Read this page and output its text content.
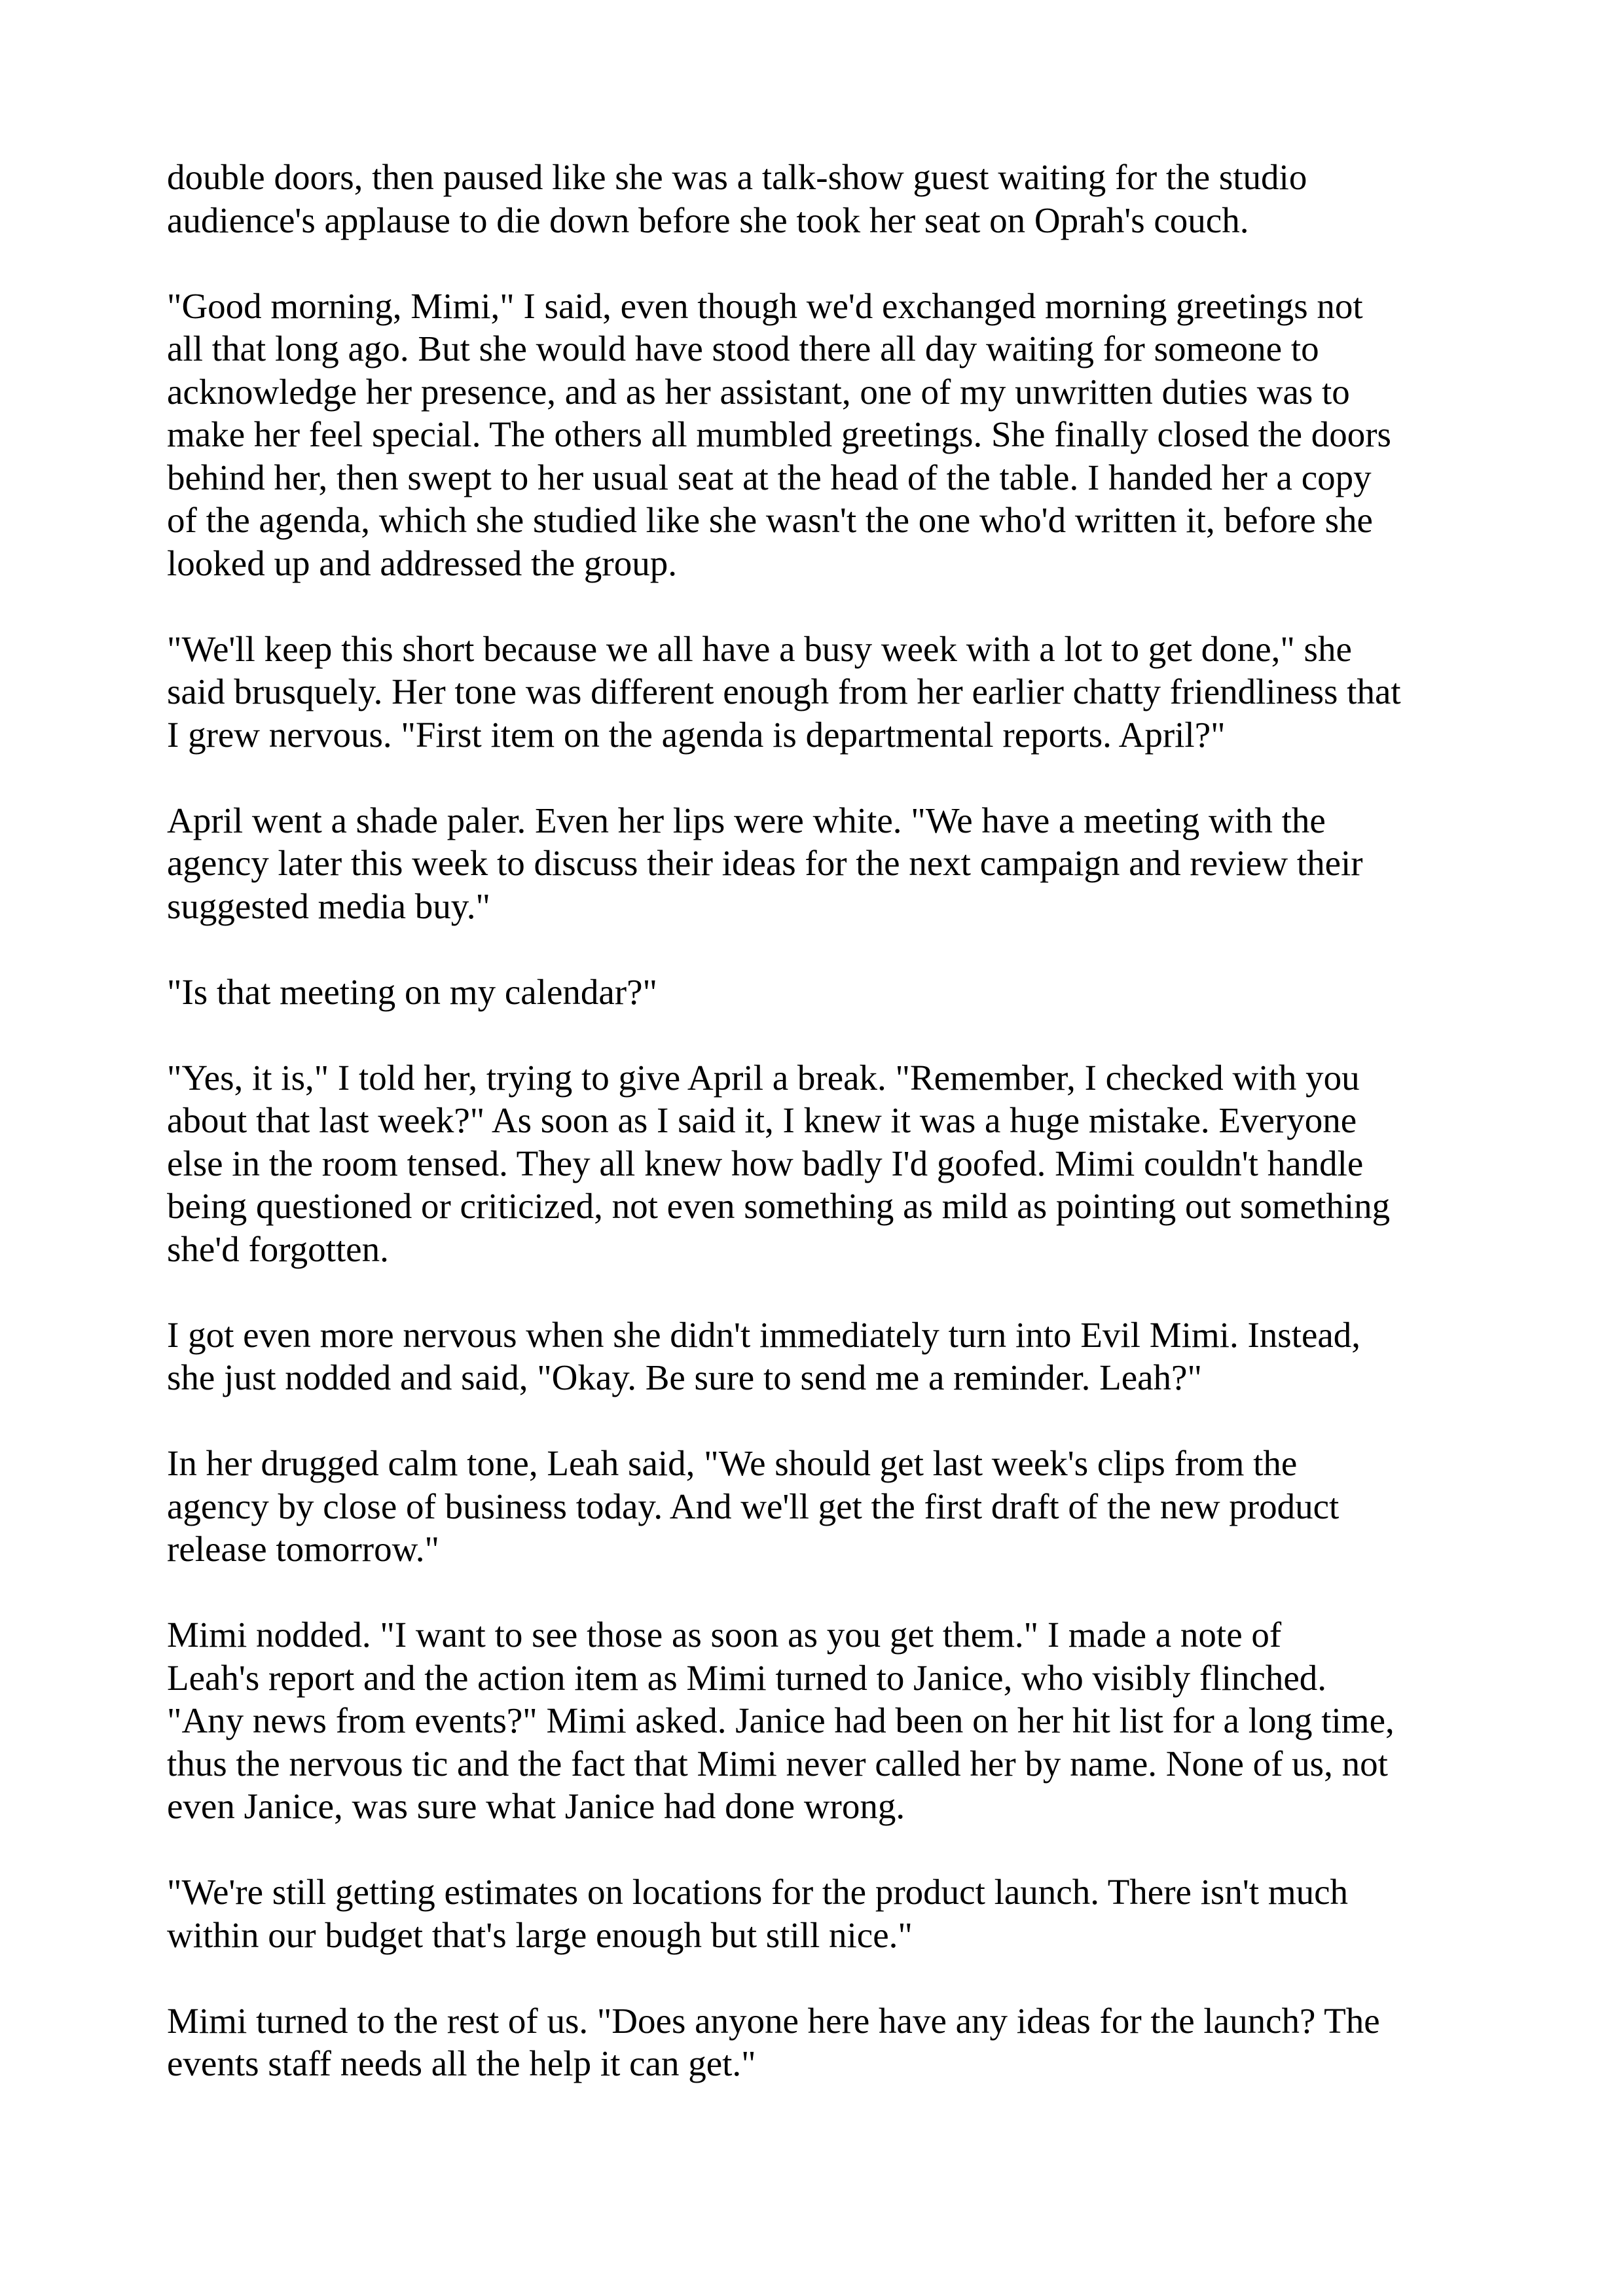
double doors, then paused like she was a talk-show guest waiting for the studio
audience's applause to die down before she took her seat on Oprah's couch.

"Good morning, Mimi," I said, even though we'd exchanged morning greetings not
all that long ago. But she would have stood there all day waiting for someone to
acknowledge her presence, and as her assistant, one of my unwritten duties was to
make her feel special. The others all mumbled greetings. She finally closed the doors
behind her, then swept to her usual seat at the head of the table. I handed her a copy
of the agenda, which she studied like she wasn't the one who'd written it, before she
looked up and addressed the group.

"We'll keep this short because we all have a busy week with a lot to get done," she
said brusquely. Her tone was different enough from her earlier chatty friendliness that
I grew nervous. "First item on the agenda is departmental reports. April?"

April went a shade paler. Even her lips were white. "We have a meeting with the
agency later this week to discuss their ideas for the next campaign and review their
suggested media buy."

"Is that meeting on my calendar?"

"Yes, it is," I told her, trying to give April a break. "Remember, I checked with you
about that last week?" As soon as I said it, I knew it was a huge mistake. Everyone
else in the room tensed. They all knew how badly I'd goofed. Mimi couldn't handle
being questioned or criticized, not even something as mild as pointing out something
she'd forgotten.

I got even more nervous when she didn't immediately turn into Evil Mimi. Instead,
she just nodded and said, "Okay. Be sure to send me a reminder. Leah?"

In her drugged calm tone, Leah said, "We should get last week's clips from the
agency by close of business today. And we'll get the first draft of the new product
release tomorrow."

Mimi nodded. "I want to see those as soon as you get them." I made a note of
Leah's report and the action item as Mimi turned to Janice, who visibly flinched.
"Any news from events?" Mimi asked. Janice had been on her hit list for a long time,
thus the nervous tic and the fact that Mimi never called her by name. None of us, not
even Janice, was sure what Janice had done wrong.

"We're still getting estimates on locations for the product launch. There isn't much
within our budget that's large enough but still nice."

Mimi turned to the rest of us. "Does anyone here have any ideas for the launch? The
events staff needs all the help it can get."
